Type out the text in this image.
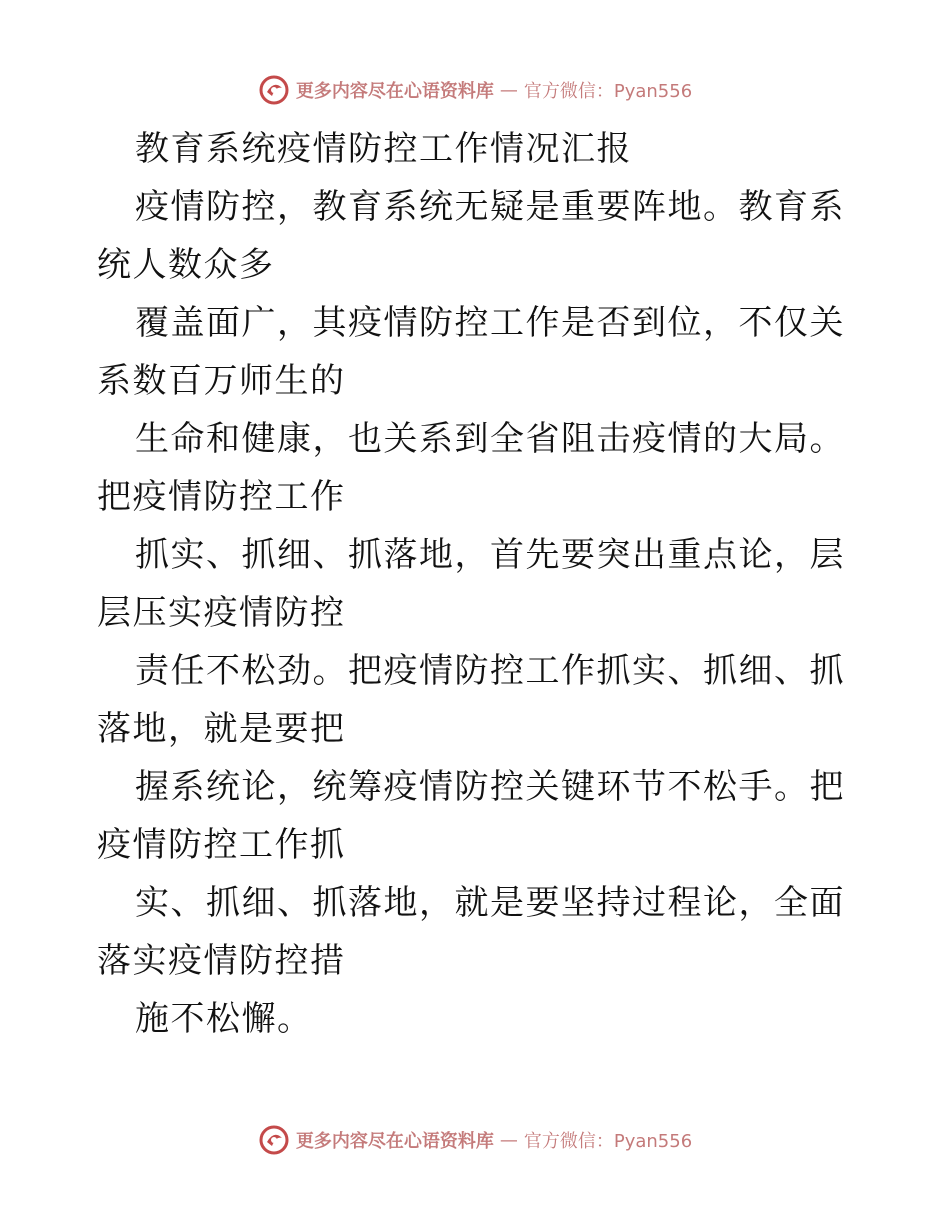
更多内容尽在心语资料库 — 官方微信：Pyan556

教育系统疫情防控工作情况汇报

疫情防控，教育系统无疑是重要阵地。教育系统人数众多

覆盖面广，其疫情防控工作是否到位，不仅关系数百万师生的

生命和健康，也关系到全省阻击疫情的大局。把疫情防控工作

抓实、抓细、抓落地，首先要突出重点论，层层压实疫情防控

责任不松劲。把疫情防控工作抓实、抓细、抓落地，就是要把

握系统论，统筹疫情防控关键环节不松手。把疫情防控工作抓

实、抓细、抓落地，就是要坚持过程论，全面落实疫情防控措

施不松懈。

更多内容尽在心语资料库 — 官方微信：Pyan556
